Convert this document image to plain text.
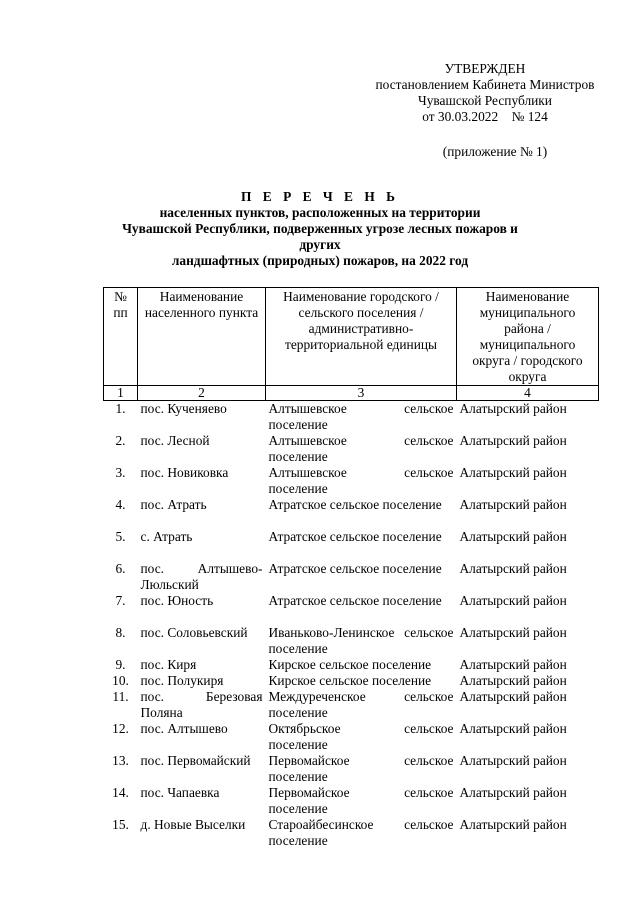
УТВЕРЖДЕН
постановлением Кабинета Министров
Чувашской Республики
от 30.03.2022    № 124
(приложение № 1)
П Е Р Е Ч Е Н Ь
населенных пунктов, расположенных на территории
Чувашской Республики, подверженных угрозе лесных пожаров и других
ландшафтных (природных) пожаров, на 2022 год
№ пп	Наименование населенного пункта	Наименование городского / сельского поселения / административно-территориальной единицы	Наименование муниципального района / муниципального округа / городского округа
1	2	3	4
1.	пос. Кученяево	Алтышевское сельское поселение	Алатырский район
2.	пос. Лесной	Алтышевское сельское поселение	Алатырский район
3.	пос. Новиковка	Алтышевское сельское поселение	Алатырский район
4.	пос. Атрать	Атратское сельское поселение	Алатырский район
5.	с. Атрать	Атратское сельское поселение	Алатырский район
6.	пос. Алтышево-Люльский	Атратское сельское поселение	Алатырский район
7.	пос. Юность	Атратское сельское поселение	Алатырский район
8.	пос. Соловьевский	Иваньково-Ленинское сельское поселение	Алатырский район
9.	пос. Киря	Кирское сельское поселение	Алатырский район
10.	пос. Полукиря	Кирское сельское поселение	Алатырский район
11.	пос. Березовая Поляна	Междуреченское сельское поселение	Алатырский район
12.	пос. Алтышево	Октябрьское сельское поселение	Алатырский район
13.	пос. Первомайский	Первомайское сельское поселение	Алатырский район
14.	пос. Чапаевка	Первомайское сельское поселение	Алатырский район
15.	д. Новые Выселки	Староайбесинское сельское поселение	Алатырский район
